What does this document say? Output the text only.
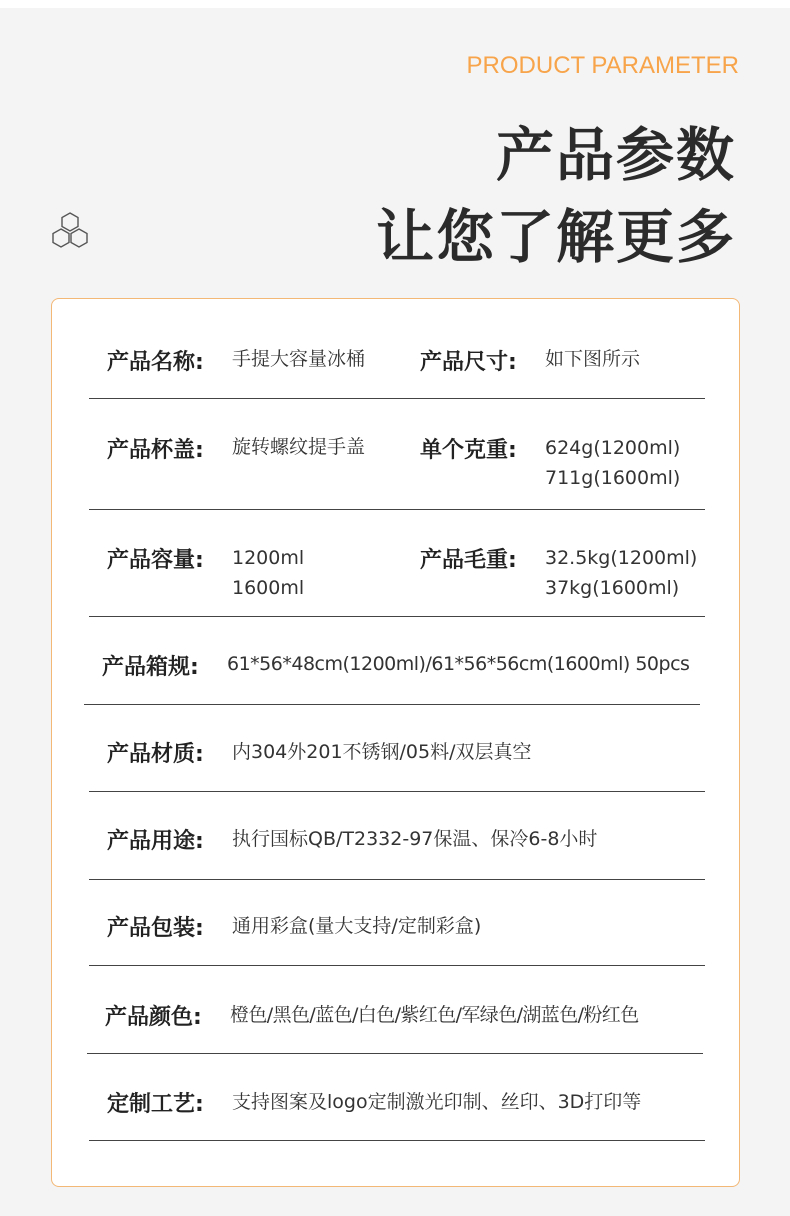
PRODUCT PARAMETER
产品参数
让您了解更多
产品名称: 手提大容量冰桶 产品尺寸: 如下图所示
产品杯盖: 旋转螺纹提手盖 单个克重: 624g(1200ml)
711g(1600ml)
产品容量: 1200ml
1600ml
产品毛重: 32.5kg(1200ml)
37kg(1600ml)
产品箱规: 61*56*48cm(1200ml)/61*56*56cm(1600ml) 50pcs
产品材质: 内304外201不锈钢/05料/双层真空
产品用途: 执行国标QB/T2332-97保温、保冷6-8小时
产品包装: 通用彩盒(量大支持/定制彩盒)
产品颜色: 橙色/黑色/蓝色/白色/紫红色/军绿色/湖蓝色/粉红色
定制工艺: 支持图案及logo定制激光印制、丝印、3D打印等
